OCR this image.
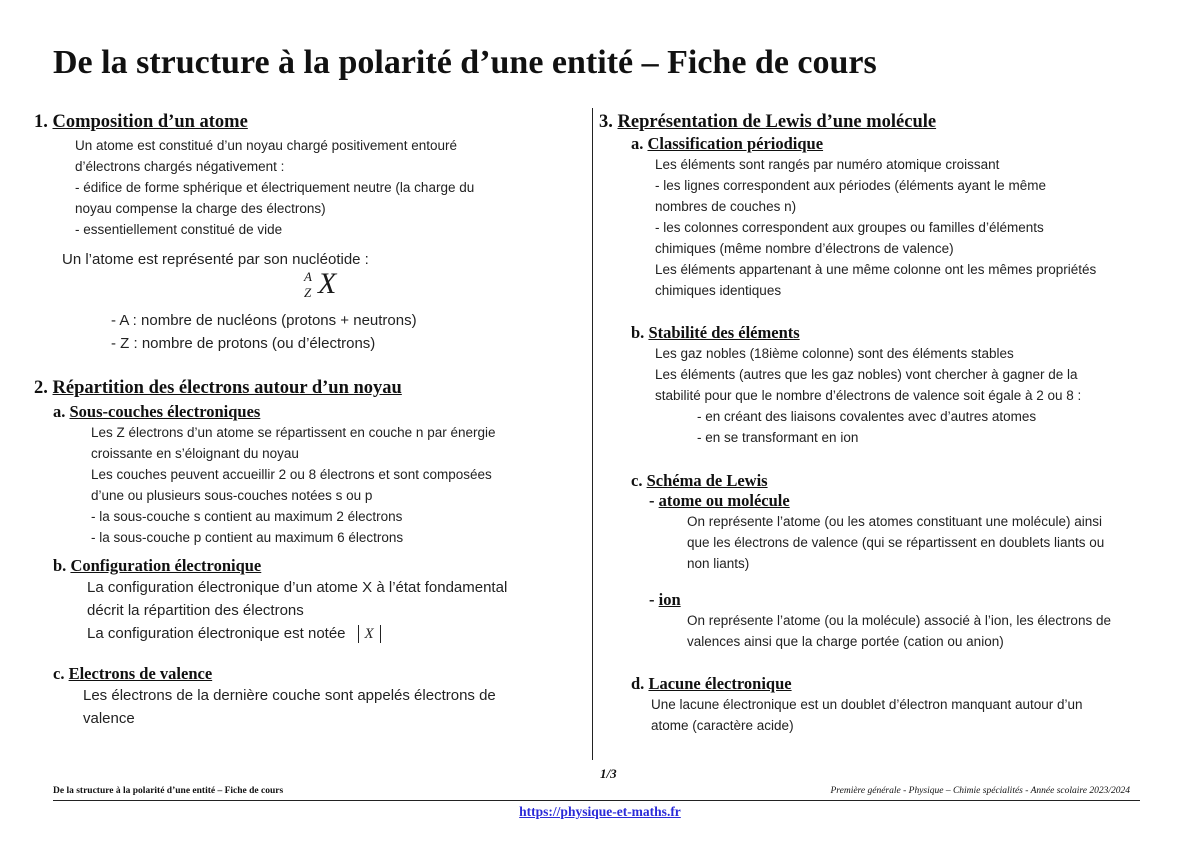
De la structure à la polarité d’une entité – Fiche de cours
1. Composition d’un atome
Un atome est constitué d’un noyau chargé positivement entouré
d’électrons chargés négativement :
- édifice de forme sphérique et électriquement neutre (la charge du
noyau compense la charge des électrons)
- essentiellement constitué de vide
Un l’atome est représenté par son nucléotide :
A
Z X
- A : nombre de nucléons (protons + neutrons)
- Z : nombre de protons (ou d’électrons)
2. Répartition des électrons autour d’un noyau
a. Sous-couches électroniques
Les Z électrons d’un atome se répartissent en couche n par énergie
croissante en s’éloignant du noyau
Les couches peuvent accueillir 2 ou 8 électrons et sont composées
d’une ou plusieurs sous-couches notées s ou p
- la sous-couche s contient au maximum 2 électrons
- la sous-couche p contient au maximum 6 électrons
b. Configuration électronique
La configuration électronique d’un atome X à l’état fondamental
décrit la répartition des électrons
La configuration électronique est notée X
c. Electrons de valence
Les électrons de la dernière couche sont appelés électrons de
valence
3. Représentation de Lewis d’une molécule
a. Classification périodique
Les éléments sont rangés par numéro atomique croissant
- les lignes correspondent aux périodes (éléments ayant le même
nombres de couches n)
- les colonnes correspondent aux groupes ou familles d’éléments
chimiques (même nombre d’électrons de valence)
Les éléments appartenant à une même colonne ont les mêmes propriétés
chimiques identiques
b. Stabilité des éléments
Les gaz nobles (18ième colonne) sont des éléments stables
Les éléments (autres que les gaz nobles) vont chercher à gagner de la
stabilité pour que le nombre d’électrons de valence soit égale à 2 ou 8 :
- en créant des liaisons covalentes avec d’autres atomes
- en se transformant en ion
c. Schéma de Lewis
- atome ou molécule
On représente l’atome (ou les atomes constituant une molécule) ainsi
que les électrons de valence (qui se répartissent en doublets liants ou
non liants)
- ion
On représente l’atome (ou la molécule) associé à l’ion, les électrons de
valences ainsi que la charge portée (cation ou anion)
d. Lacune électronique
Une lacune électronique est un doublet d’électron manquant autour d’un
atome (caractère acide)
1/3
De la structure à la polarité d’une entité – Fiche de cours	Première générale - Physique – Chimie spécialités - Année scolaire 2023/2024
https://physique-et-maths.fr
